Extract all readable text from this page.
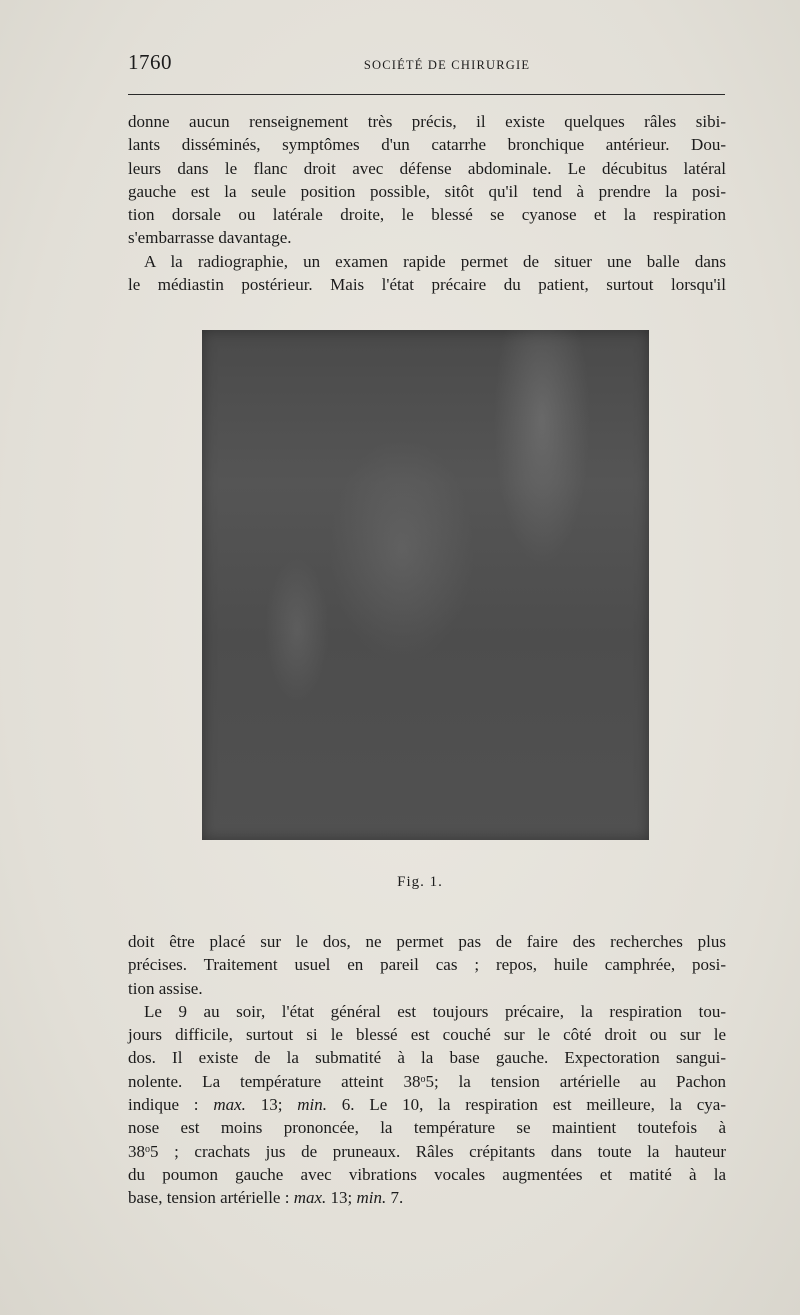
1760	SOCIÉTÉ DE CHIRURGIE
donne aucun renseignement très précis, il existe quelques râles sibi-
lants disséminés, symptômes d'un catarrhe bronchique antérieur. Dou-
leurs dans le flanc droit avec défense abdominale. Le décubitus latéral
gauche est la seule position possible, sitôt qu'il tend à prendre la posi-
tion dorsale ou latérale droite, le blessé se cyanose et la respiration
s'embarrasse davantage.
A la radiographie, un examen rapide permet de situer une balle dans
le médiastin postérieur. Mais l'état précaire du patient, surtout lorsqu'il
Fig. 1.
doit être placé sur le dos, ne permet pas de faire des recherches plus
précises. Traitement usuel en pareil cas ; repos, huile camphrée, posi-
tion assise.
Le 9 au soir, l'état général est toujours précaire, la respiration tou-
jours difficile, surtout si le blessé est couché sur le côté droit ou sur le
dos. Il existe de la submatité à la base gauche. Expectoration sangui-
nolente. La température atteint 38$^o$5; la tension artérielle au Pachon
indique : max. 13; min. 6. Le 10, la respiration est meilleure, la cya-
nose est moins prononcée, la température se maintient toutefois à
38$^o$5 ; crachats jus de pruneaux. Râles crépitants dans toute la hauteur
du poumon gauche avec vibrations vocales augmentées et matité à la
base, tension artérielle : max. 13; min. 7.
